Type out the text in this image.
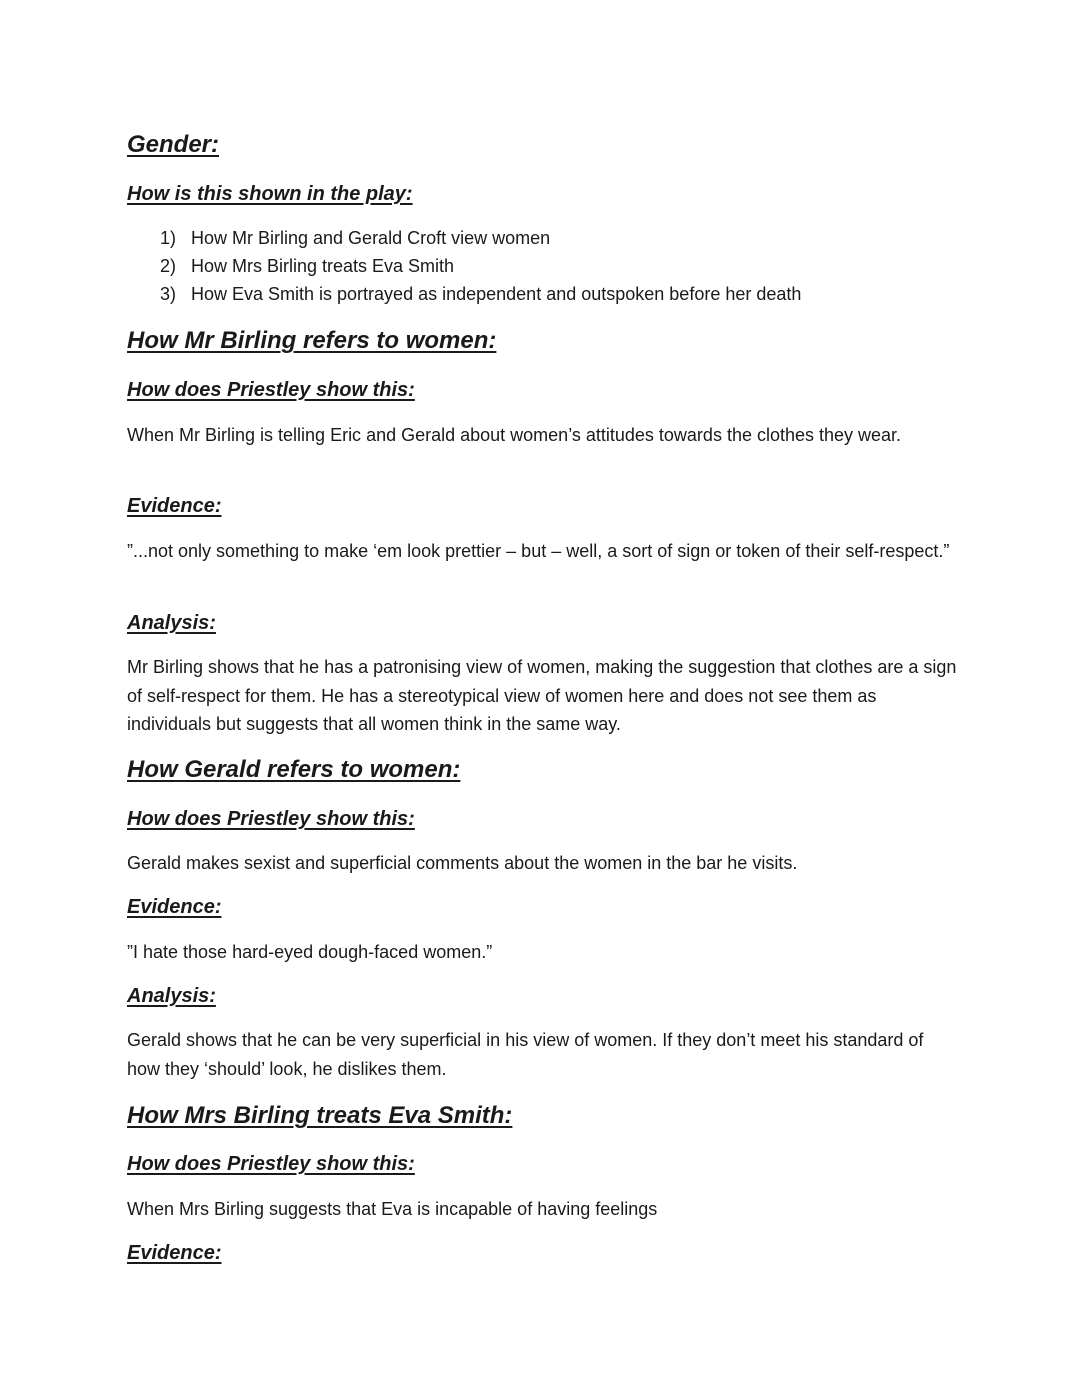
Gender:
How is this shown in the play:
1) How Mr Birling and Gerald Croft view women
2) How Mrs Birling treats Eva Smith
3) How Eva Smith is portrayed as independent and outspoken before her death
How Mr Birling refers to women:
How does Priestley show this:
When Mr Birling is telling Eric and Gerald about women’s attitudes towards the clothes they wear.
Evidence:
”...not only something to make ‘em look prettier – but – well, a sort of sign or token of their self-respect.”
Analysis:
Mr Birling shows that he has a patronising view of women, making the suggestion that clothes are a sign of self-respect for them. He has a stereotypical view of women here and does not see them as individuals but suggests that all women think in the same way.
How Gerald refers to women:
How does Priestley show this:
Gerald makes sexist and superficial comments about the women in the bar he visits.
Evidence:
”I hate those hard-eyed dough-faced women.”
Analysis:
Gerald shows that he can be very superficial in his view of women. If they don’t meet his standard of how they ‘should’ look, he dislikes them.
How Mrs Birling treats Eva Smith:
How does Priestley show this:
When Mrs Birling suggests that Eva is incapable of having feelings
Evidence:
